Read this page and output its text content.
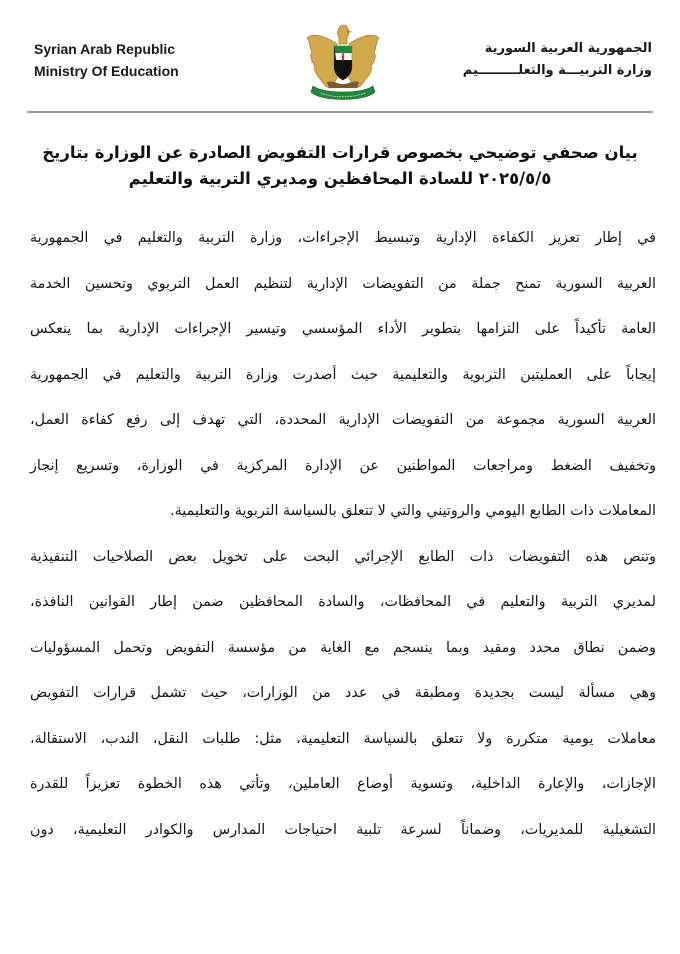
Syrian Arab Republic
Ministry Of Education
الجمهورية العربية السورية
وزارة التربيـــة والتعلـــــــــيم
بيان صحفي توضيحي بخصوص قرارات التفويض الصادرة عن الوزارة بتاريخ
٢٠٢٥/٥/٥ للسادة المحافظين ومديري التربية والتعليم
في إطار تعزيز الكفاءة الإدارية وتبسيط الإجراءات، وزارة التربية والتعليم في الجمهورية
العربية السورية تمنح جملة من التفويضات الإدارية لتنظيم العمل التربوي وتحسين الخدمة
العامة تأكيداً على التزامها بتطوير الأداء المؤسسي وتيسير الإجراءات الإدارية بما ينعكس
إيجاباً على العمليتين التربوية والتعليمية حيث أصدرت وزارة التربية والتعليم في الجمهورية
العربية السورية مجموعة من التفويضات الإدارية المحددة، التي تهدف إلى رفع كفاءة العمل،
وتخفيف الضغط ومراجعات المواطنين عن الإدارة المركزية في الوزارة، وتسريع إنجاز
المعاملات ذات الطابع اليومي والروتيني والتي لا تتعلق بالسياسة التربوية والتعليمية.
وتنص هذه التفويضات ذات الطابع الإجرائي البحت على تخويل بعض الصلاحيات التنفيذية
لمديري التربية والتعليم في المحافظات، والسادة المحافظين ضمن إطار القوانين النافذة،
وضمن نطاق محدد ومقيد وبما ينسجم مع الغاية من مؤسسة التفويض وتحمل المسؤوليات
وهي مسألة ليست بجديدة ومطبقة في عدد من الوزارات، حيث تشمل قرارات التفويض
معاملات يومية متكررة ولا تتعلق بالسياسة التعليمية، مثل: طلبات النقل، الندب، الاستقالة،
الإجازات، والإعارة الداخلية، وتسوية أوضاع العاملين، وتأتي هذه الخطوة تعزيزاً للقدرة
التشغيلية للمديريات، وضماناً لسرعة تلبية احتياجات المدارس والكوادر التعليمية، دون
